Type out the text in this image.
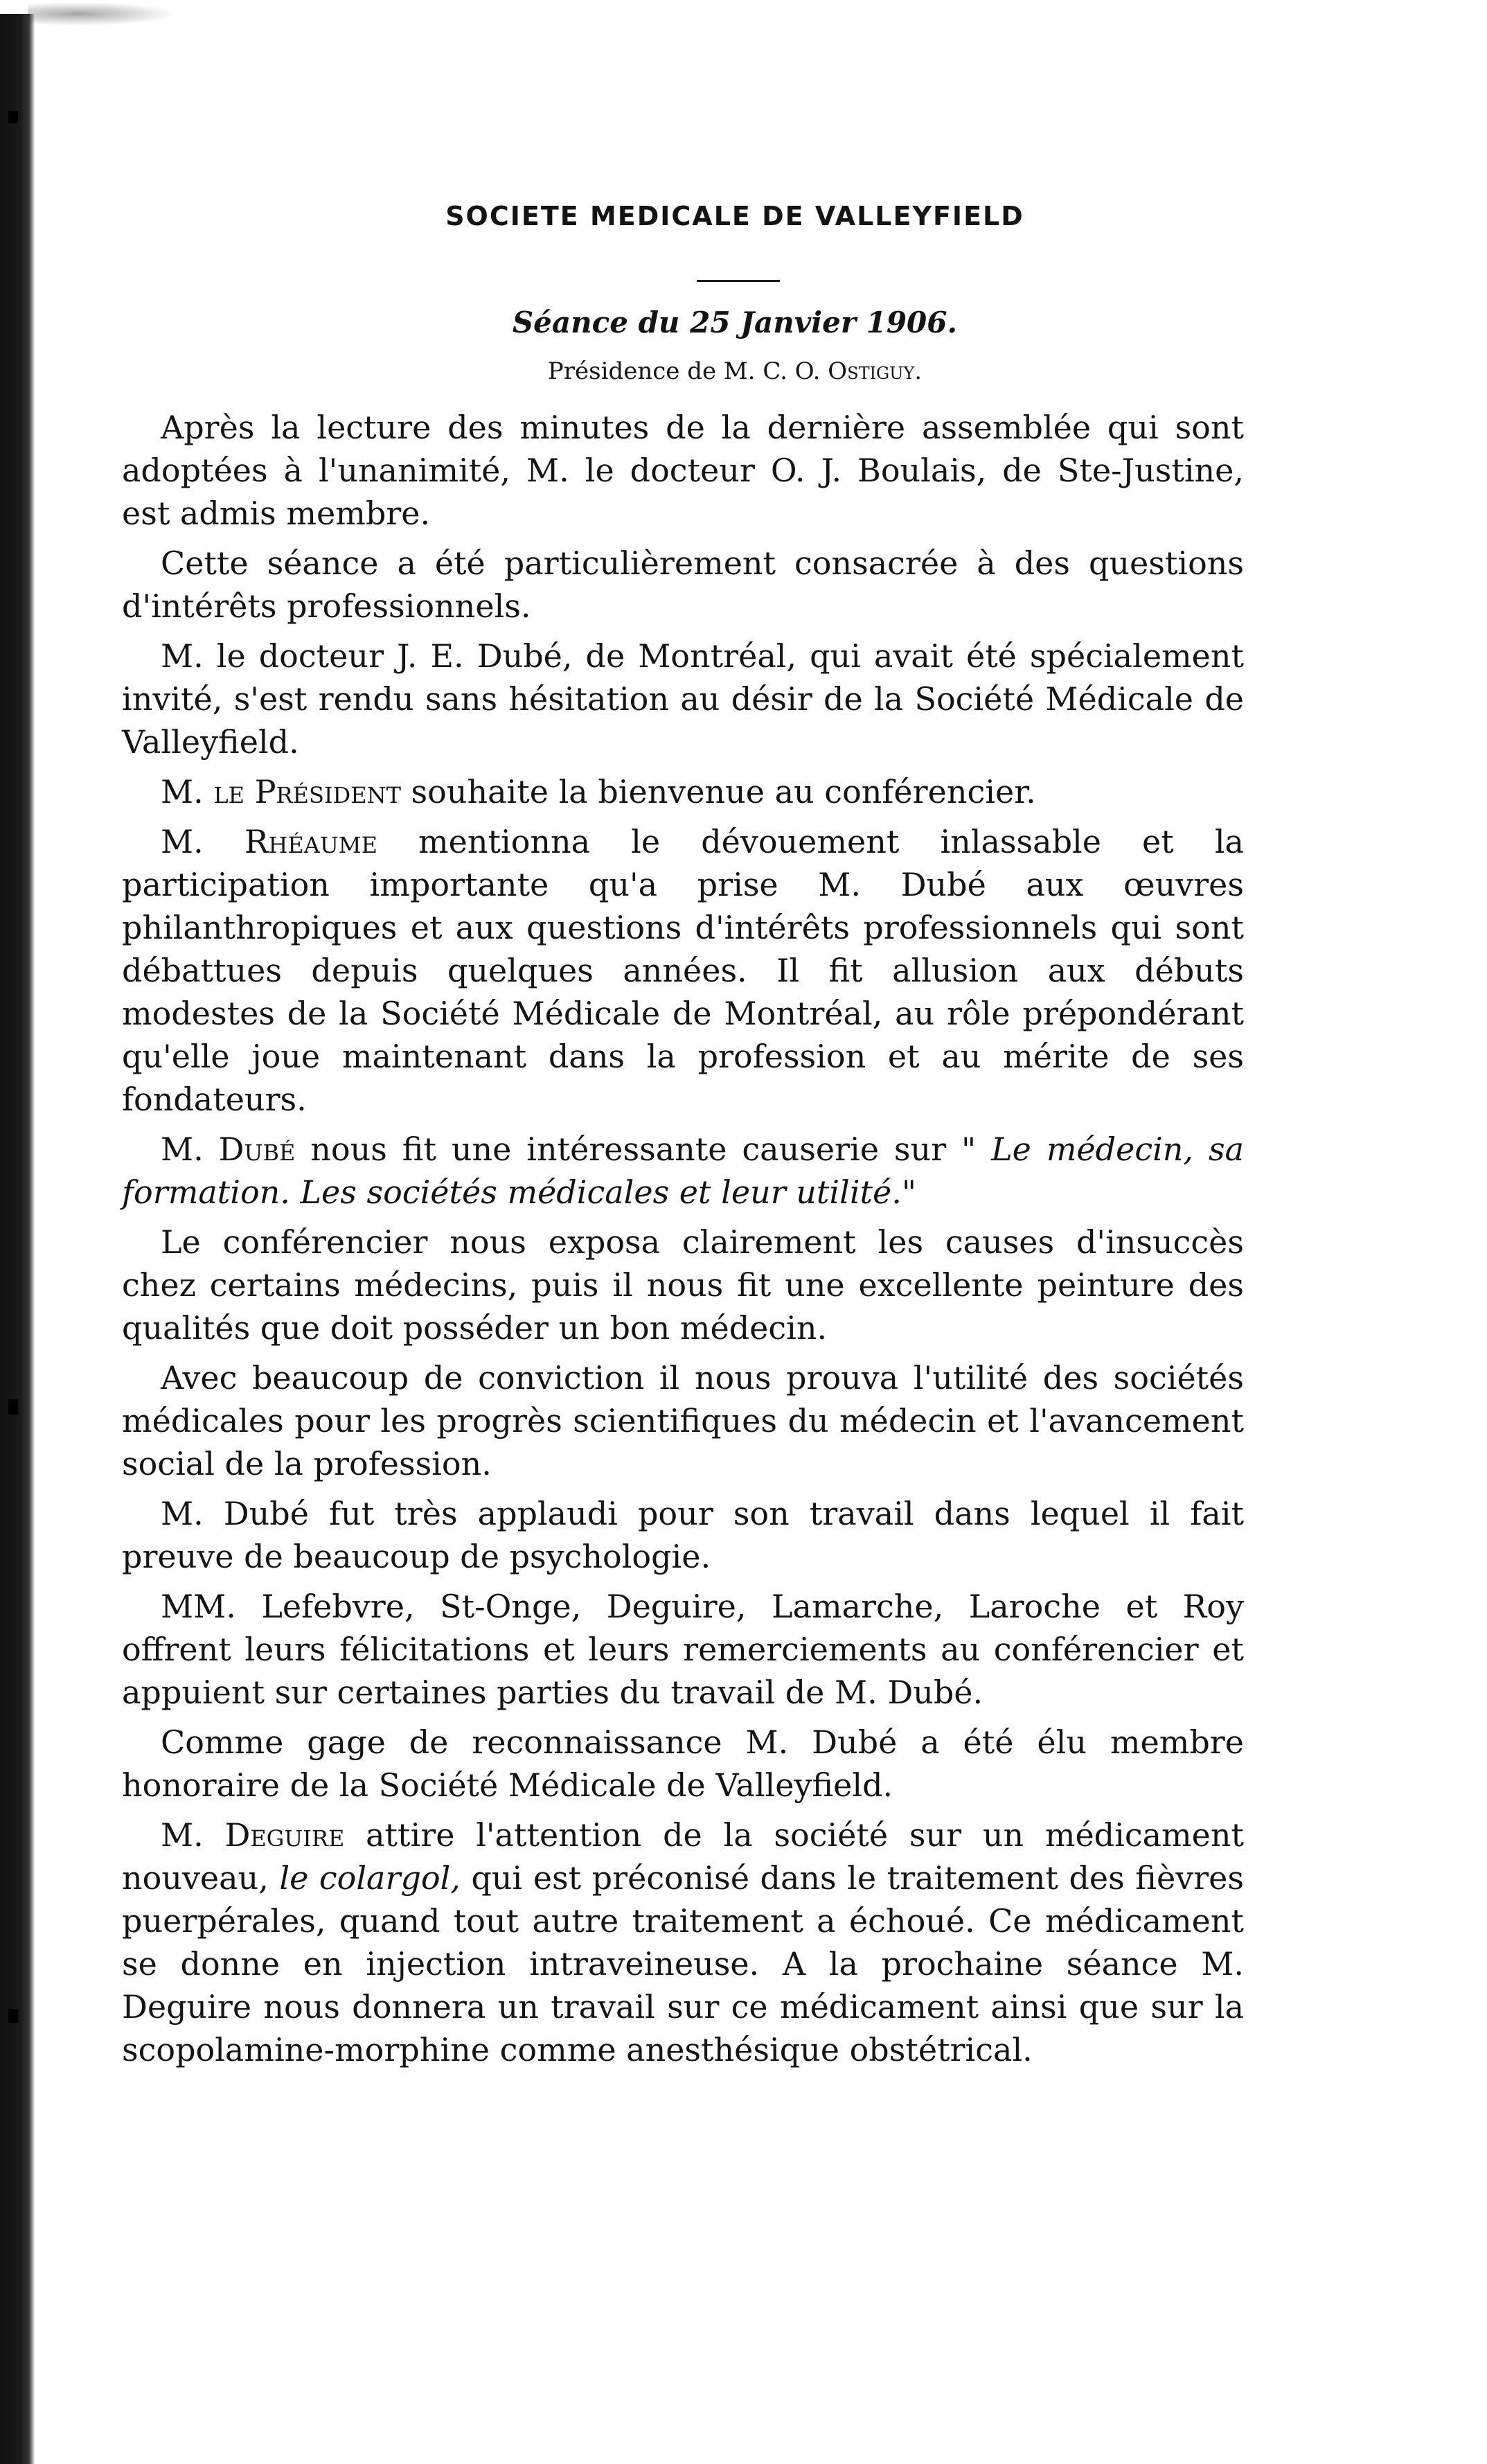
SOCIETE MEDICALE DE VALLEYFIELD

Séance du 25 Janvier 1906.

Présidence de M. C. O. Ostiguy.

Après la lecture des minutes de la dernière assemblée qui sont adoptées à l'unanimité, M. le docteur O. J. Boulais, de Ste-Justine, est admis membre.

Cette séance a été particulièrement consacrée à des questions d'intérêts professionnels.

M. le docteur J. E. Dubé, de Montréal, qui avait été spécialement invité, s'est rendu sans hésitation au désir de la Société Médicale de Valleyfield.

M. le Président souhaite la bienvenue au conférencier.

M. Rhéaume mentionna le dévouement inlassable et la participation importante qu'a prise M. Dubé aux œuvres philanthropiques et aux questions d'intérêts professionnels qui sont débattues depuis quelques années. Il fit allusion aux débuts modestes de la Société Médicale de Montréal, au rôle prépondérant qu'elle joue maintenant dans la profession et au mérite de ses fondateurs.

M. Dubé nous fit une intéressante causerie sur " Le médecin, sa formation. Les sociétés médicales et leur utilité."

Le conférencier nous exposa clairement les causes d'insuccès chez certains médecins, puis il nous fit une excellente peinture des qualités que doit posséder un bon médecin.

Avec beaucoup de conviction il nous prouva l'utilité des sociétés médicales pour les progrès scientifiques du médecin et l'avancement social de la profession.

M. Dubé fut très applaudi pour son travail dans lequel il fait preuve de beaucoup de psychologie.

MM. Lefebvre, St-Onge, Deguire, Lamarche, Laroche et Roy offrent leurs félicitations et leurs remerciements au conférencier et appuient sur certaines parties du travail de M. Dubé.

Comme gage de reconnaissance M. Dubé a été élu membre honoraire de la Société Médicale de Valleyfield.

M. Deguire attire l'attention de la société sur un médicament nouveau, le colargol, qui est préconisé dans le traitement des fièvres puerpérales, quand tout autre traitement a échoué. Ce médicament se donne en injection intraveineuse. A la prochaine séance M. Deguire nous donnera un travail sur ce médicament ainsi que sur la scopolamine-morphine comme anesthésique obstétrical.
